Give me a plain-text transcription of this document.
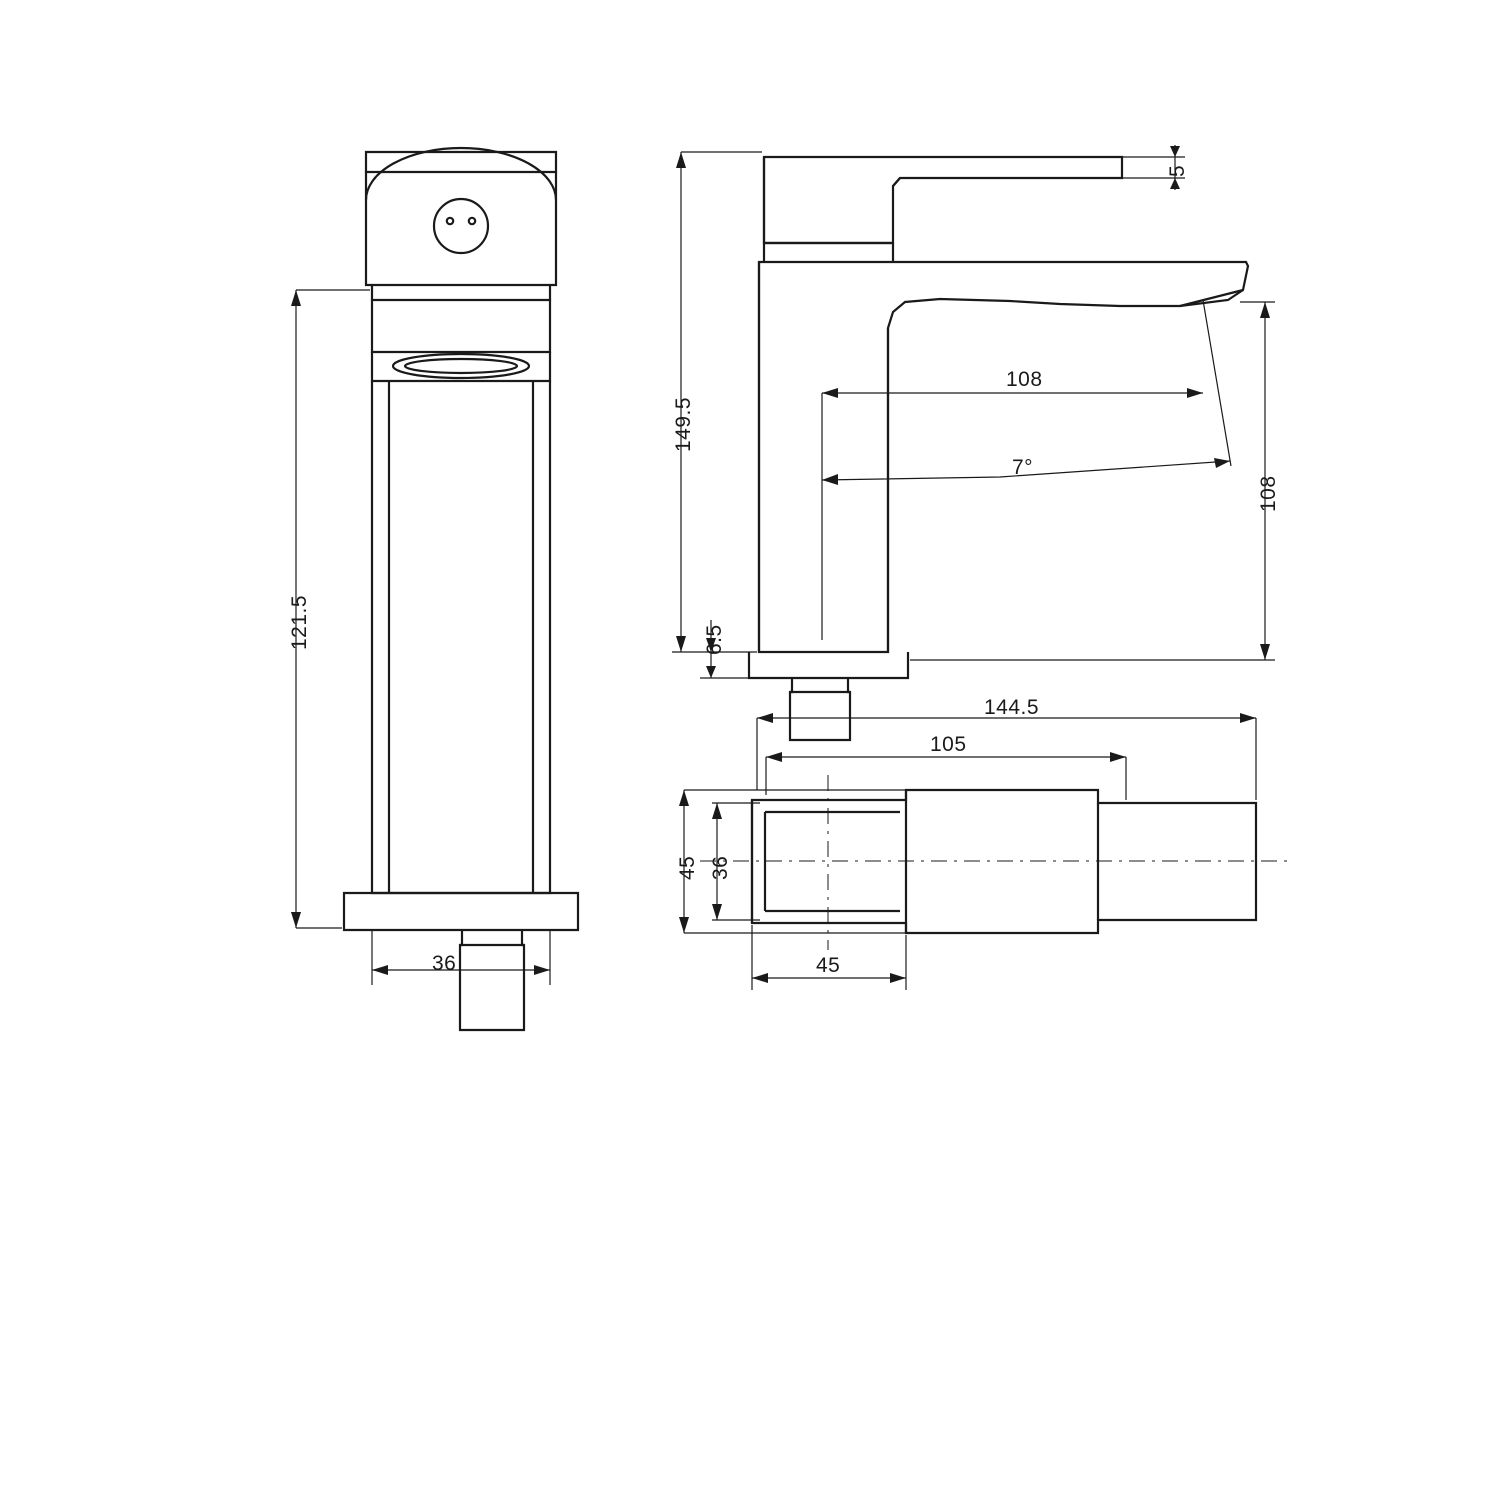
121.5
36
149.5
6.5
5
108
108
7°
144.5
105
45 36
45
